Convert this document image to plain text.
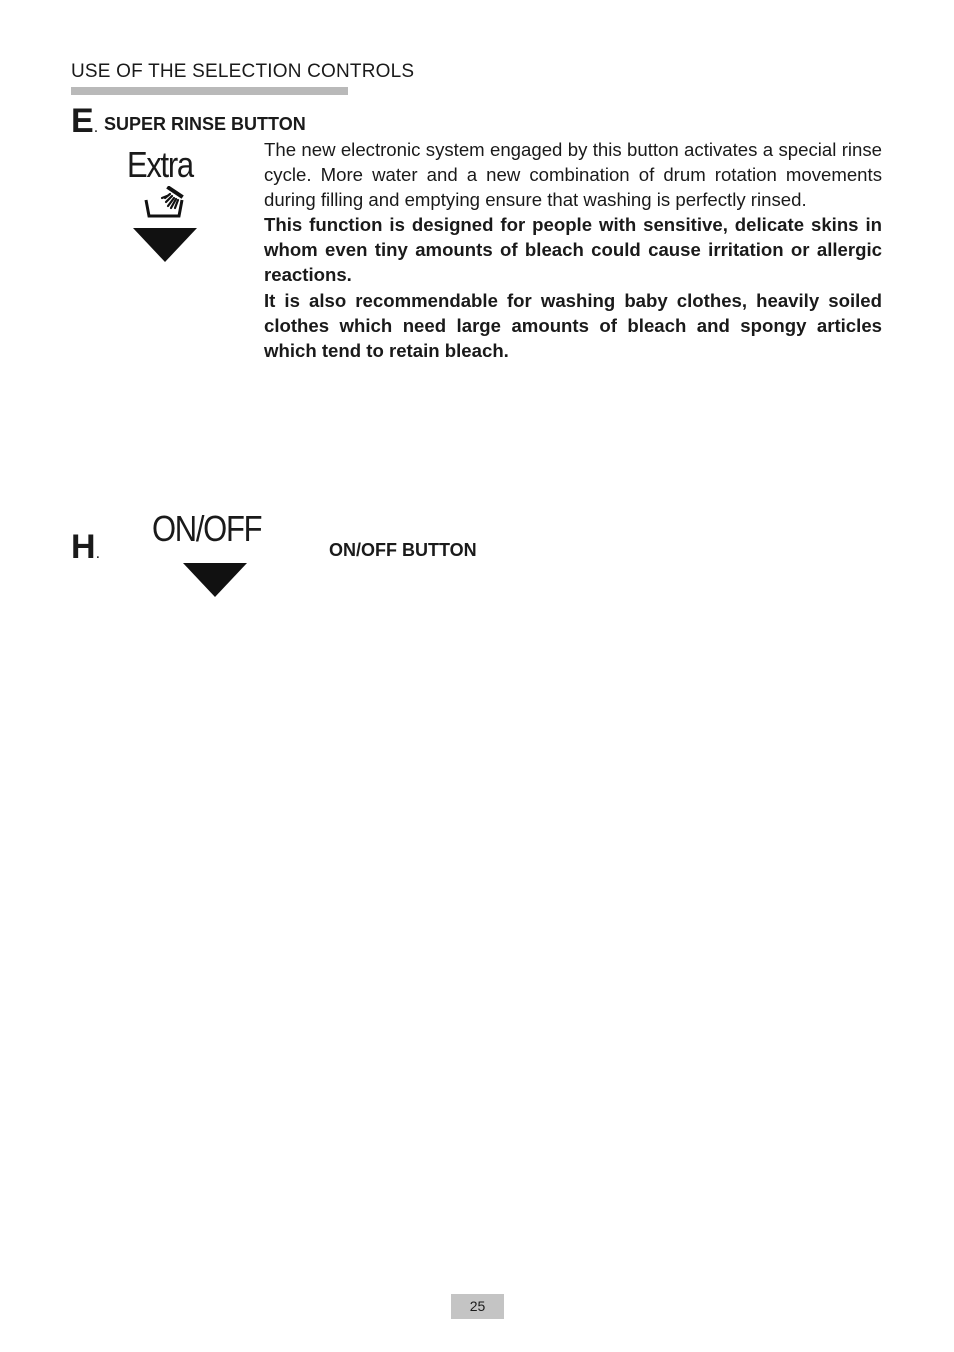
USE OF THE SELECTION CONTROLS
E. SUPER RINSE BUTTON
Extra	The new electronic system engaged by this button activates a special rinse cycle. More water and a new combination of drum rotation movements during filling and emptying ensure that washing is perfectly rinsed.

This function is designed for people with sensitive, delicate skins in whom even tiny amounts of bleach could cause irritation or allergic reactions.

It is also recommendable for washing baby clothes, heavily soiled clothes which need large amounts of bleach and spongy articles which tend to retain bleach.

H.
ON/OFF
ON/OFF BUTTON
25
